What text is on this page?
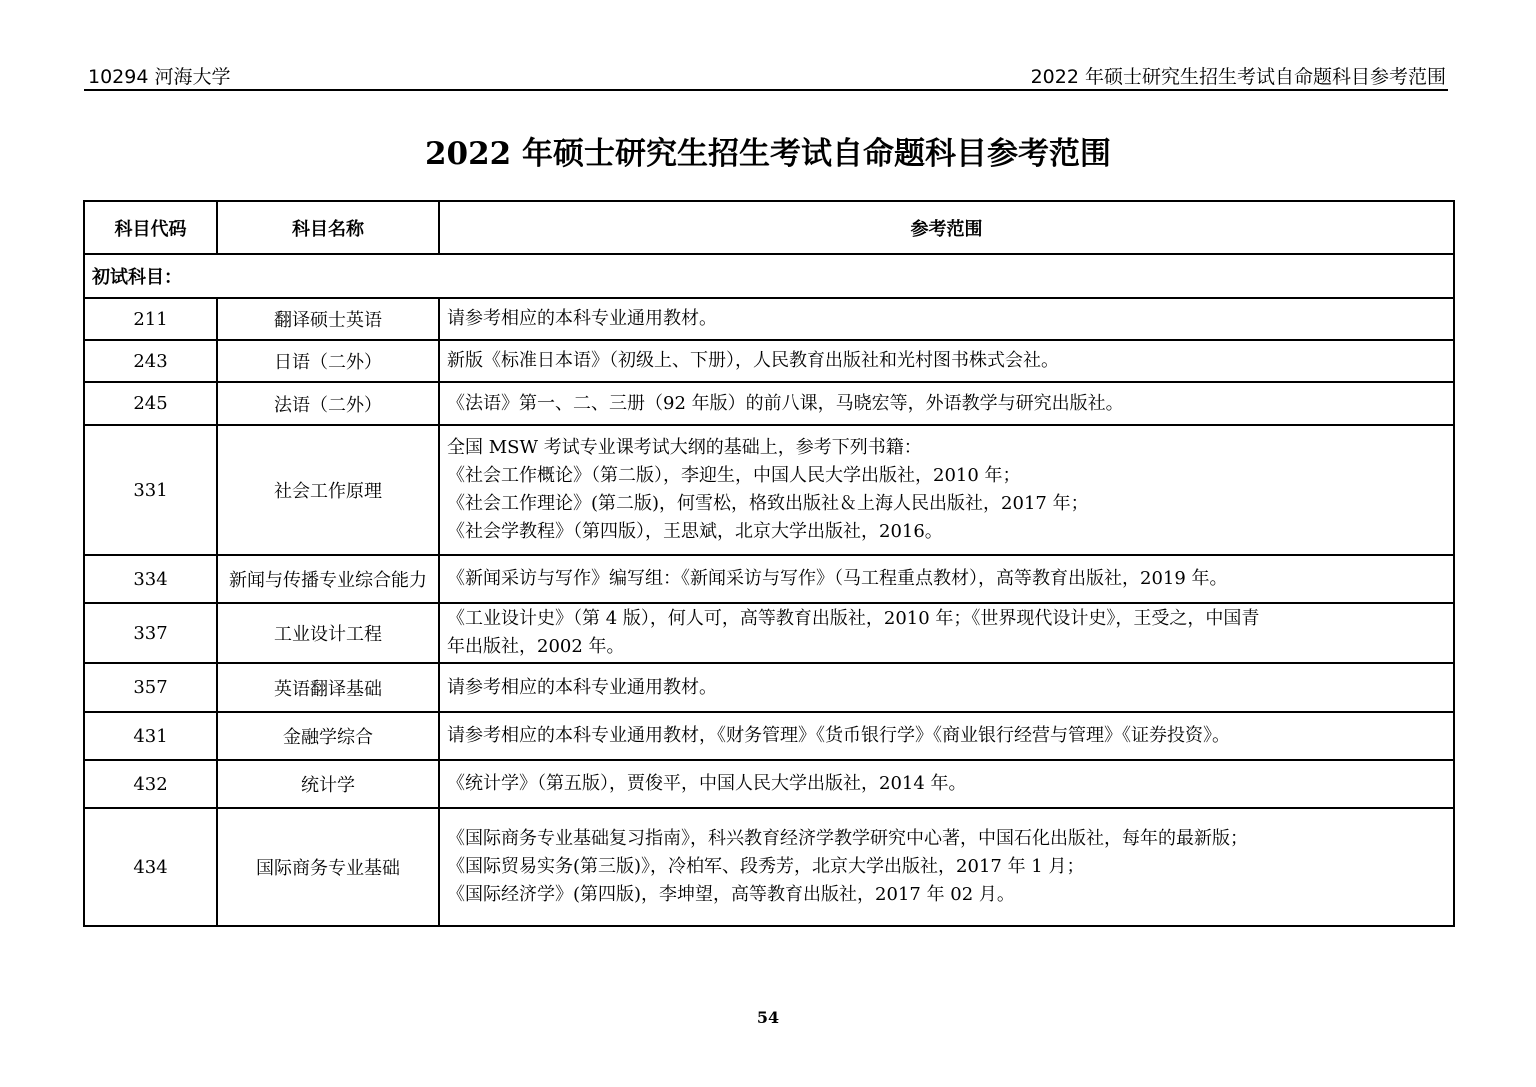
10294 河海大学	2022 年硕士研究生招生考试自命题科目参考范围
2022 年硕士研究生招生考试自命题科目参考范围
科目代码	科目名称	参考范围
初试科目：		
211	翻译硕士英语	请参考相应的本科专业通用教材。

243	日语（二外）	新版《标准日本语》（初级上、下册），人民教育出版社和光村图书株式会社。

245	法语（二外）	《法语》第一、二、三册（92 年版）的前八课，马晓宏等，外语教学与研究出版社。

331	社会工作原理	全国 MSW 考试专业课考试大纲的基础上，参考下列书籍：
《社会工作概论》（第二版），李迎生，中国人民大学出版社，2010 年；
《社会工作理论》(第二版)，何雪松，格致出版社＆上海人民出版社，2017 年；
《社会学教程》（第四版），王思斌，北京大学出版社，2016。

334	新闻与传播专业综合能力	《新闻采访与写作》编写组：《新闻采访与写作》（马工程重点教材），高等教育出版社，2019 年。

337	工业设计工程	《工业设计史》（第 4 版），何人可，高等教育出版社，2010 年；《世界现代设计史》，王受之，中国青
年出版社，2002 年。

357	英语翻译基础	请参考相应的本科专业通用教材。

431	金融学综合	请参考相应的本科专业通用教材，《财务管理》《货币银行学》《商业银行经营与管理》《证券投资》。

432	统计学	《统计学》（第五版），贾俊平，中国人民大学出版社，2014 年。

434	国际商务专业基础	《国际商务专业基础复习指南》，科兴教育经济学教学研究中心著，中国石化出版社，每年的最新版；
《国际贸易实务(第三版)》，冷柏军、段秀芳，北京大学出版社，2017 年 1 月；
《国际经济学》(第四版)，李坤望，高等教育出版社，2017 年 02 月。
54
